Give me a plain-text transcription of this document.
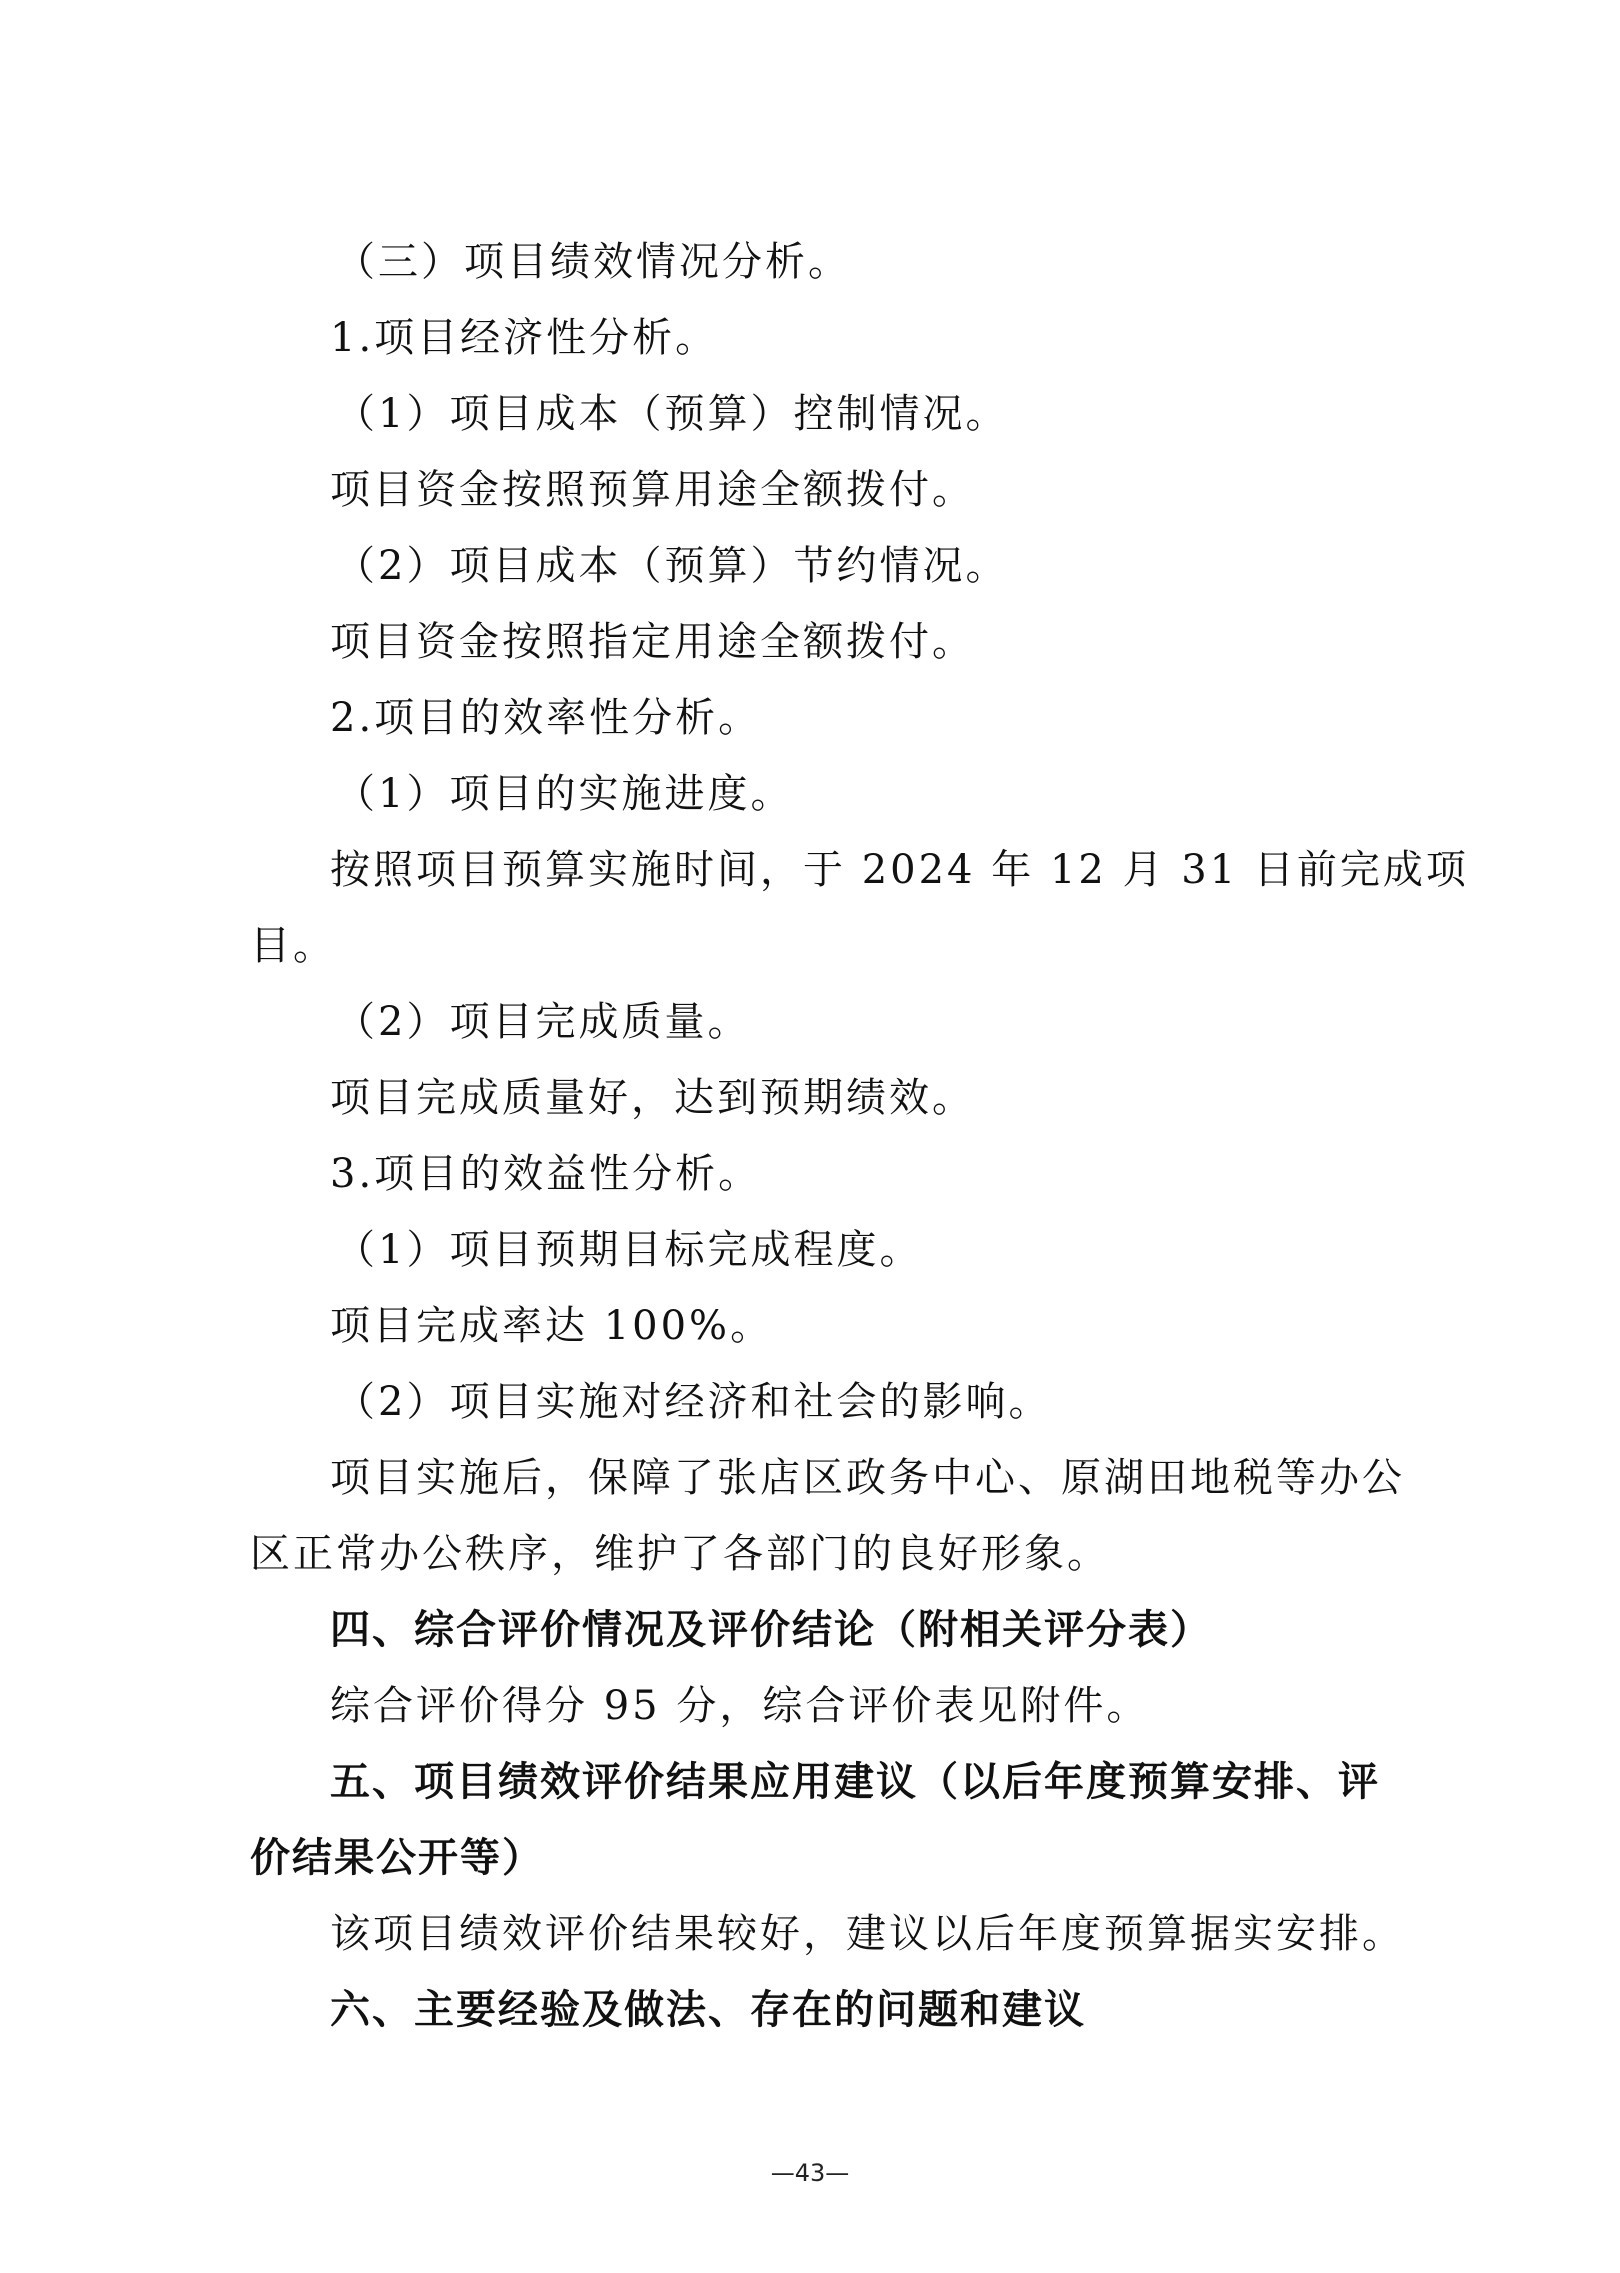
（三）项目绩效情况分析。
1.项目经济性分析。
（1）项目成本（预算）控制情况。
项目资金按照预算用途全额拨付。
（2）项目成本（预算）节约情况。
项目资金按照指定用途全额拨付。
2.项目的效率性分析。
（1）项目的实施进度。
按照项目预算实施时间，于 2024 年 12 月 31 日前完成项
目。
（2）项目完成质量。
项目完成质量好，达到预期绩效。
3.项目的效益性分析。
（1）项目预期目标完成程度。
项目完成率达 100%。
（2）项目实施对经济和社会的影响。
项目实施后，保障了张店区政务中心、原湖田地税等办公
区正常办公秩序，维护了各部门的良好形象。
四、综合评价情况及评价结论（附相关评分表）
综合评价得分 95 分，综合评价表见附件。
五、项目绩效评价结果应用建议（以后年度预算安排、评
价结果公开等）
该项目绩效评价结果较好，建议以后年度预算据实安排。
六、主要经验及做法、存在的问题和建议
—43—
